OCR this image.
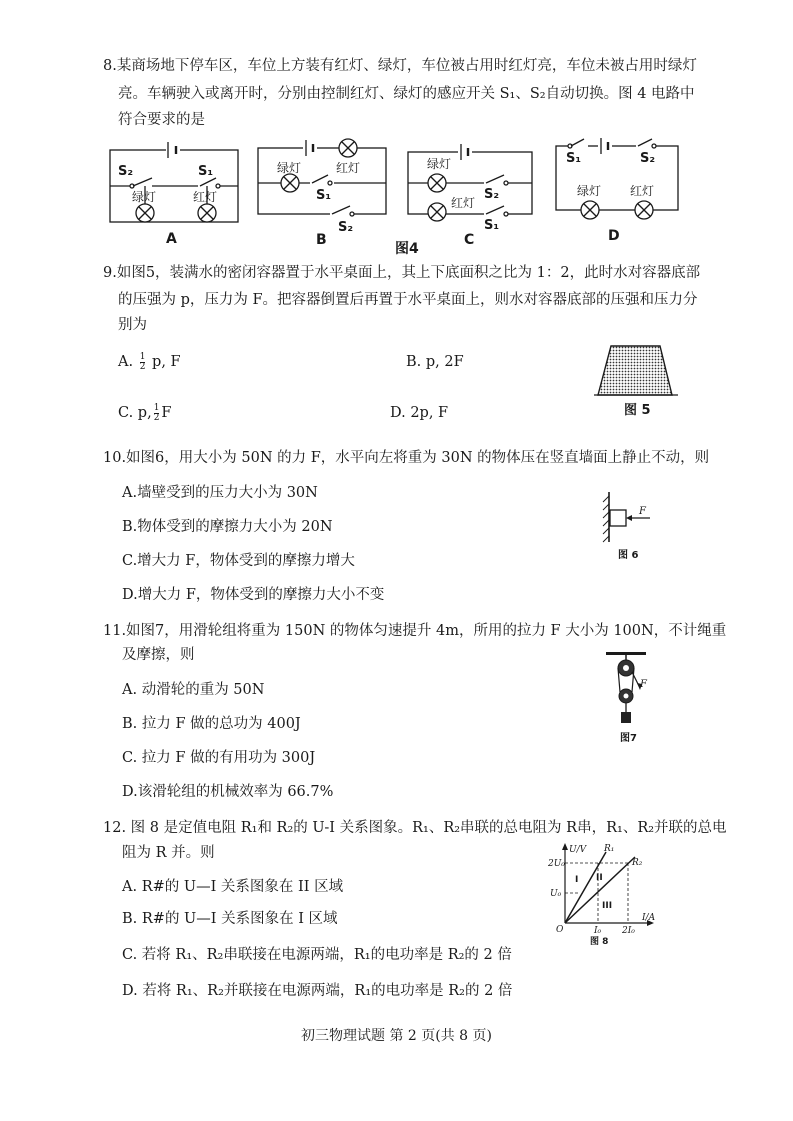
8.某商场地下停车区，车位上方装有红灯、绿灯，车位被占用时红灯亮，车位未被占用时绿灯
亮。车辆驶入或离开时，分别由控制红灯、绿灯的感应开关 S₁、S₂自动切换。图 4 电路中
符合要求的是
S₂	S₁
绿灯	红灯
A
绿灯	红灯
S₁
S₂
B
绿灯
S₂
红灯
S₁
C
S₁	S₂
绿灯 红灯
D
图4
9.如图5，装满水的密闭容器置于水平桌面上，其上下底面积之比为 1：2，此时水对容器底部
的压强为 p，压力为 F。把容器倒置后再置于水平桌面上，则水对容器底部的压强和压力分
别为
A. $\frac{1}{2} p$, F	B. p, 2F
C. p, $\frac{1}{2}$ F	D. 2p, F	图 5
10.如图6，用大小为 50N 的力 F，水平向左将重为 30N 的物体压在竖直墙面上静止不动，则
A.墙壁受到的压力大小为 30N
B.物体受到的摩擦力大小为 20N
C.增大力 F，物体受到的摩擦力增大
D.增大力 F，物体受到的摩擦力大小不变
F
图 6
11.如图7，用滑轮组将重为 150N 的物体匀速提升 4m，所用的拉力 F 大小为 100N，不计绳重
及摩擦，则
A. 动滑轮的重为 50N
B. 拉力 F 做的总功为 400J
C. 拉力 F 做的有用功为 300J
D.该滑轮组的机械效率为 66.7%
F
图7
12. 图 8 是定值电阻 R₁和 R₂的 U-I 关系图象。R₁、R₂串联的总电阻为 R串，R₁、R₂并联的总电
阻为 R 并。则
A. R#的 U—I 关系图象在 II 区域
B. R#的 U—I 关系图象在 I 区域
C. 若将 R₁、R₂串联接在电源两端，R₁的电功率是 R₂的 2 倍
D. 若将 R₁、R₂并联接在电源两端，R₁的电功率是 R₂的 2 倍
U/V
I/A
2U₀
U₀
O	I₀ 2I₀
R₁
R₂
I II
III
图 8
初三物理试题 第 2 页(共 8 页)
